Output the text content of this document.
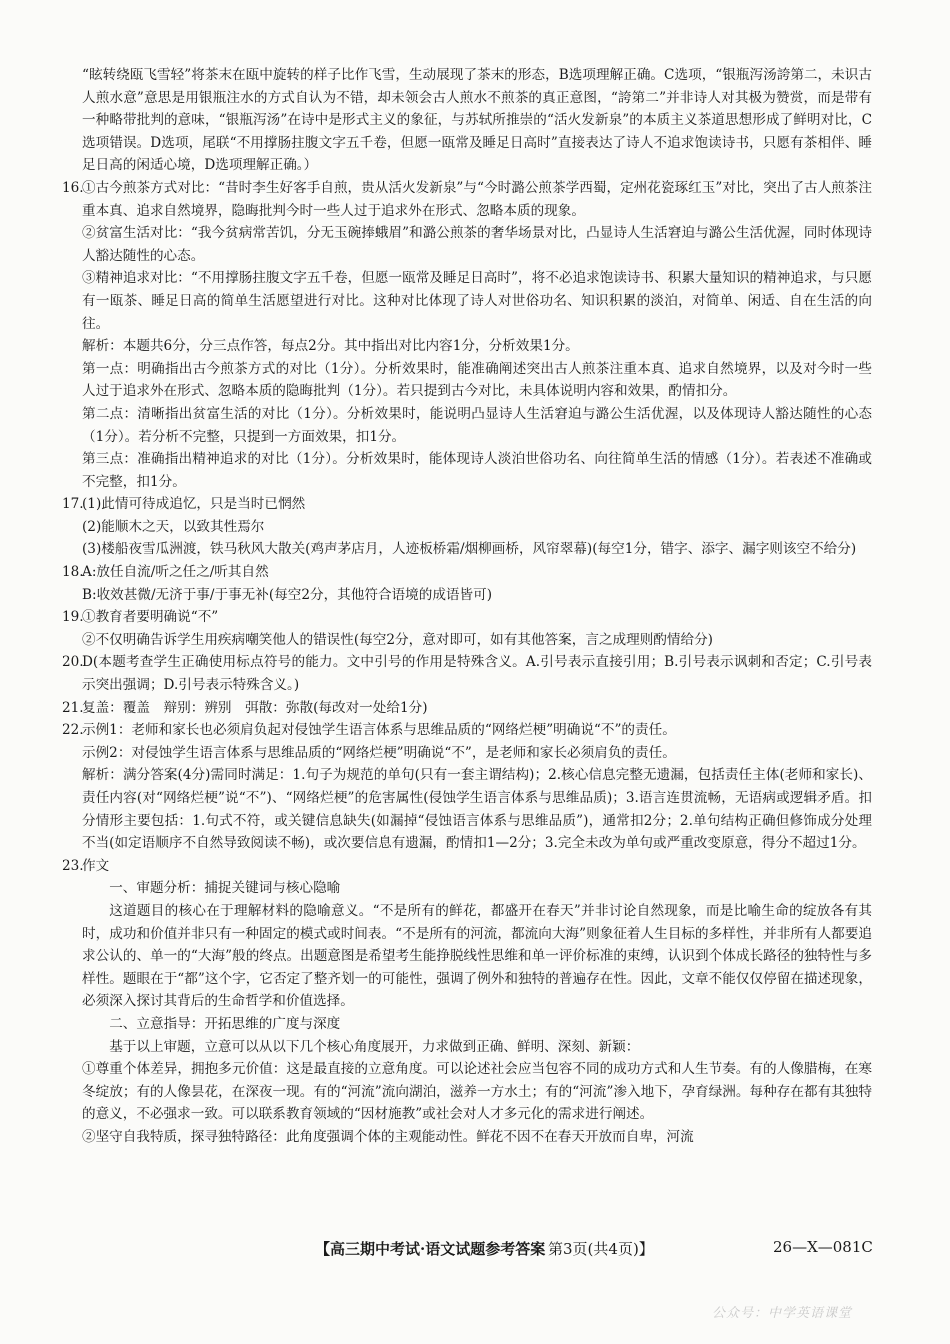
“眩转绕瓯飞雪轻”将茶末在瓯中旋转的样子比作飞雪，生动展现了茶末的形态，B选项理解正确。C选项，“银瓶泻汤誇第二，未识古人煎水意”意思是用银瓶注水的方式自认为不错，却未领会古人煎水不煎茶的真正意图，“誇第二”并非诗人对其极为赞赏，而是带有一种略带批判的意味，“银瓶泻汤”在诗中是形式主义的象征，与苏轼所推崇的“活火发新泉”的本质主义茶道思想形成了鲜明对比，C选项错误。D选项，尾联“不用撑肠拄腹文字五千卷，但愿一瓯常及睡足日高时”直接表达了诗人不追求饱读诗书，只愿有茶相伴、睡足日高的闲适心境，D选项理解正确。）

16.

①古今煎茶方式对比：“昔时李生好客手自煎，贵从活火发新泉”与“今时潞公煎茶学西蜀，定州花瓷琢红玉”对比，突出了古人煎茶注重本真、追求自然境界，隐晦批判今时一些人过于追求外在形式、忽略本质的现象。

②贫富生活对比：“我今贫病常苦饥，分无玉碗捧蛾眉”和潞公煎茶的奢华场景对比，凸显诗人生活窘迫与潞公生活优渥，同时体现诗人豁达随性的心态。

③精神追求对比：“不用撑肠拄腹文字五千卷，但愿一瓯常及睡足日高时”，将不必追求饱读诗书、积累大量知识的精神追求，与只愿有一瓯茶、睡足日高的简单生活愿望进行对比。这种对比体现了诗人对世俗功名、知识积累的淡泊，对简单、闲适、自在生活的向往。

解析：本题共6分，分三点作答，每点2分。其中指出对比内容1分，分析效果1分。

第一点：明确指出古今煎茶方式的对比（1分）。分析效果时，能准确阐述突出古人煎茶注重本真、追求自然境界，以及对今时一些人过于追求外在形式、忽略本质的隐晦批判（1分）。若只提到古今对比，未具体说明内容和效果，酌情扣分。

第二点：清晰指出贫富生活的对比（1分）。分析效果时，能说明凸显诗人生活窘迫与潞公生活优渥，以及体现诗人豁达随性的心态（1分）。若分析不完整，只提到一方面效果，扣1分。

第三点：准确指出精神追求的对比（1分）。分析效果时，能体现诗人淡泊世俗功名、向往简单生活的情感（1分）。若表述不准确或不完整，扣1分。

17.

(1)此情可待成追忆，只是当时已惘然

(2)能顺木之天，以致其性焉尔

(3)楼船夜雪瓜洲渡，铁马秋风大散关(鸡声茅店月，人迹板桥霜/烟柳画桥，风帘翠幕)(每空1分，错字、添字、漏字则该空不给分)

18.

A:放任自流/听之任之/听其自然

B:收效甚微/无济于事/于事无补(每空2分，其他符合语境的成语皆可)

19.

①教育者要明确说“不”

②不仅明确告诉学生用疾病嘲笑他人的错误性(每空2分，意对即可，如有其他答案，言之成理则酌情给分)

20.

D(本题考查学生正确使用标点符号的能力。文中引号的作用是特殊含义。A.引号表示直接引用；B.引号表示讽刺和否定；C.引号表示突出强调；D.引号表示特殊含义。)

21.

复盖：覆盖　辩别：辨别　弭散：弥散(每改对一处给1分)

22.

示例1：老师和家长也必须肩负起对侵蚀学生语言体系与思维品质的“网络烂梗”明确说“不”的责任。

示例2：对侵蚀学生语言体系与思维品质的“网络烂梗”明确说“不”，是老师和家长必须肩负的责任。

解析：满分答案(4分)需同时满足：1.句子为规范的单句(只有一套主谓结构)；2.核心信息完整无遗漏，包括责任主体(老师和家长)、责任内容(对“网络烂梗”说“不”)、“网络烂梗”的危害属性(侵蚀学生语言体系与思维品质)；3.语言连贯流畅，无语病或逻辑矛盾。扣分情形主要包括：1.句式不符，或关键信息缺失(如漏掉“侵蚀语言体系与思维品质”)，通常扣2分；2.单句结构正确但修饰成分处理不当(如定语顺序不自然导致阅读不畅)，或次要信息有遗漏，酌情扣1—2分；3.完全未改为单句或严重改变原意，得分不超过1分。

23.

作文

一、审题分析：捕捉关键词与核心隐喻

这道题目的核心在于理解材料的隐喻意义。“不是所有的鲜花，都盛开在春天”并非讨论自然现象，而是比喻生命的绽放各有其时，成功和价值并非只有一种固定的模式或时间表。“不是所有的河流，都流向大海”则象征着人生目标的多样性，并非所有人都要追求公认的、单一的“大海”般的终点。出题意图是希望考生能挣脱线性思维和单一评价标准的束缚，认识到个体成长路径的独特性与多样性。题眼在于“都”这个字，它否定了整齐划一的可能性，强调了例外和独特的普遍存在性。因此，文章不能仅仅停留在描述现象，必须深入探讨其背后的生命哲学和价值选择。

二、立意指导：开拓思维的广度与深度

基于以上审题，立意可以从以下几个核心角度展开，力求做到正确、鲜明、深刻、新颖：

①尊重个体差异，拥抱多元价值：这是最直接的立意角度。可以论述社会应当包容不同的成功方式和人生节奏。有的人像腊梅，在寒冬绽放；有的人像昙花，在深夜一现。有的“河流”流向湖泊，滋养一方水土；有的“河流”渗入地下，孕育绿洲。每种存在都有其独特的意义，不必强求一致。可以联系教育领域的“因材施教”或社会对人才多元化的需求进行阐述。

②坚守自我特质，探寻独特路径：此角度强调个体的主观能动性。鲜花不因不在春天开放而自卑，河流

【高三期中考试·语文试题参考答案 第3页(共4页)】	26—X—081C
公众号：中学英语课堂
